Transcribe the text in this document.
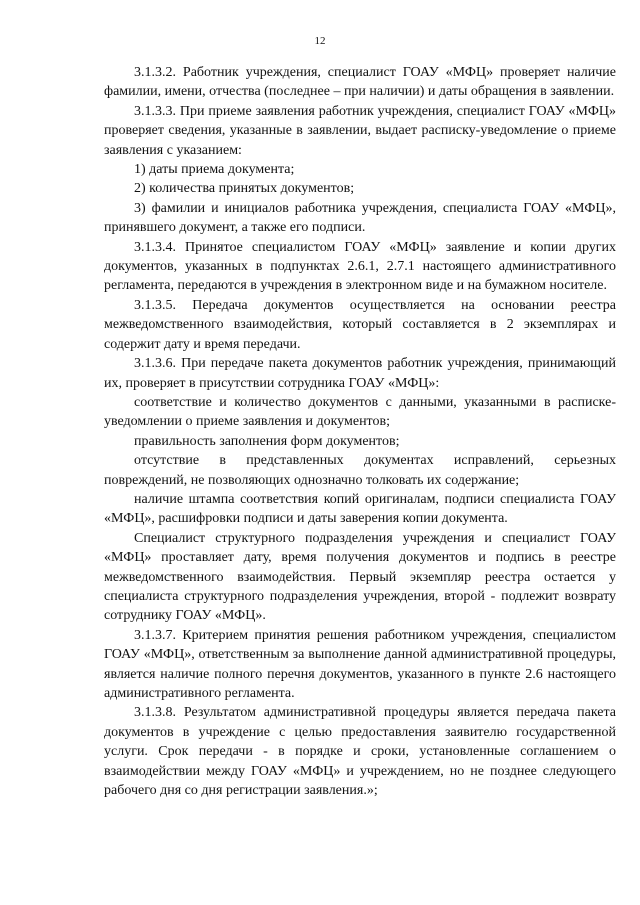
12

3.1.3.2. Работник учреждения, специалист ГОАУ «МФЦ» проверяет наличие фамилии, имени, отчества (последнее – при наличии) и даты обращения в заявлении.

3.1.3.3. При приеме заявления работник учреждения, специалист ГОАУ «МФЦ» проверяет сведения, указанные в заявлении, выдает расписку-уведомление о приеме заявления с указанием:

1) даты приема документа;

2) количества принятых документов;

3) фамилии и инициалов работника учреждения, специалиста ГОАУ «МФЦ», принявшего документ, а также его подписи.

3.1.3.4. Принятое специалистом ГОАУ «МФЦ» заявление и копии других документов, указанных в подпунктах 2.6.1, 2.7.1 настоящего административного регламента, передаются в учреждения в электронном виде и на бумажном носителе.

3.1.3.5. Передача документов осуществляется на основании реестра межведомственного взаимодействия, который составляется в 2 экземплярах и содержит дату и время передачи.

3.1.3.6. При передаче пакета документов работник учреждения, принимающий их, проверяет в присутствии сотрудника ГОАУ «МФЦ»:

соответствие и количество документов с данными, указанными в расписке-уведомлении о приеме заявления и документов;

правильность заполнения форм документов;

отсутствие в представленных документах исправлений, серьезных повреждений, не позволяющих однозначно толковать их содержание;

наличие штампа соответствия копий оригиналам, подписи специалиста ГОАУ «МФЦ», расшифровки подписи и даты заверения копии документа.

Специалист структурного подразделения учреждения и специалист ГОАУ «МФЦ» проставляет дату, время получения документов и подпись в реестре межведомственного взаимодействия. Первый экземпляр реестра остается у специалиста структурного подразделения учреждения, второй - подлежит возврату сотруднику ГОАУ «МФЦ».

3.1.3.7. Критерием принятия решения работником учреждения, специалистом ГОАУ «МФЦ», ответственным за выполнение данной административной процедуры, является наличие полного перечня документов, указанного в пункте 2.6 настоящего административного регламента.

3.1.3.8. Результатом административной процедуры является передача пакета документов в учреждение с целью предоставления заявителю государственной услуги. Срок передачи - в порядке и сроки, установленные соглашением о взаимодействии между ГОАУ «МФЦ» и учреждением, но не позднее следующего рабочего дня со дня регистрации заявления.»;
